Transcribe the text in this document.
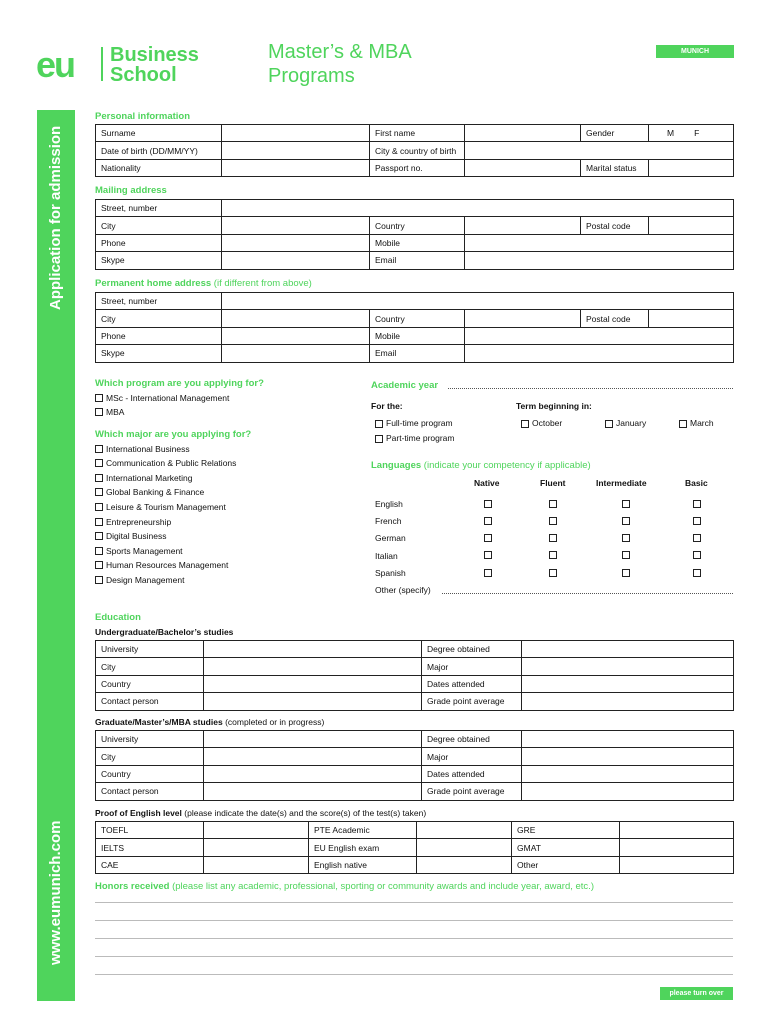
Application for admission
www.eumunich.com
eu Business
School
Master’s & MBA
Programs
MUNICH
Personal information
Surname		First name		Gender	M F
Date of birth (DD/MM/YY)		City & country of birth			
Nationality		Passport no.		Marital status	
Mailing address
Street, number					
City		Country		Postal code	
Phone		Mobile			
Skype		Email			
Permanent home address (if different from above)
Street, number					
City		Country		Postal code	
Phone		Mobile			
Skype		Email			
Which program are you applying for?
MSc - International Management
MBA
Which major are you applying for?
International Business
Communication & Public Relations
International Marketing
Global Banking & Finance
Leisure & Tourism Management
Entrepreneurship
Digital Business
Sports Management
Human Resources Management
Design Management
Academic year
For the:	Term beginning in:
Full-time program
Part-time program
October	January	March
Languages (indicate your competency if applicable)
Native	Fluent	Intermediate	Basic
English
French
German
Italian
Spanish
Other (specify)
Education
Undergraduate/Bachelor’s studies
University		Degree obtained	
City		Major	
Country		Dates attended	
Contact person		Grade point average	
Graduate/Master’s/MBA studies (completed or in progress)
University		Degree obtained	
City		Major	
Country		Dates attended	
Contact person		Grade point average	
Proof of English level (please indicate the date(s) and the score(s) of the test(s) taken)
TOEFL		PTE Academic		GRE	
IELTS		EU English exam		GMAT	
CAE		English native		Other	
Honors received (please list any academic, professional, sporting or community awards and include year, award, etc.)
please turn over
